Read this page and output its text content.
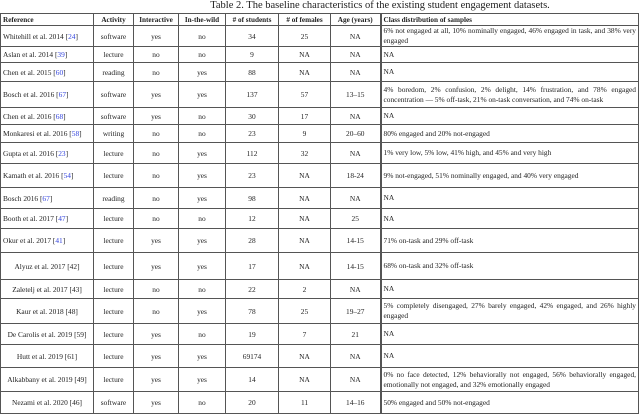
Table 2. The baseline characteristics of the existing student engagement datasets.
Reference	Activity	Interactive	In-the-wild	# of students	# of females	Age (years)	Class distribution of samples
Whitehill et al. 2014 [24]	software	yes	no	34	25	NA	6% not engaged at all, 10% nominally engaged, 46% engaged in task, and 38% very engaged
Aslan et al. 2014 [39]	lecture	no	no	9	NA	NA	NA
Chen et al. 2015 [60]	reading	no	yes	88	NA	NA	NA
Bosch et al. 2016 [67]	software	yes	yes	137	57	13–15	4% boredom, 2% confusion, 2% delight, 14% frustration, and 78% engaged concentration — 5% off-task, 21% on-task conversation, and 74% on-task
Chen et al. 2016 [68]	software	yes	no	30	17	NA	NA
Monkaresi et al. 2016 [58]	writing	no	no	23	9	20–60	80% engaged and 20% not-engaged
Gupta et al. 2016 [23]	lecture	no	yes	112	32	NA	1% very low, 5% low, 41% high, and 45% and very high
Kamath et al. 2016 [54]	lecture	no	yes	23	NA	18-24	9% not-engaged, 51% nominally engaged, and 40% very engaged
Bosch 2016 [67]	reading	no	yes	98	NA	NA	NA
Booth et al. 2017 [47]	lecture	no	no	12	NA	25	NA
Okur et al. 2017 [41]	lecture	yes	yes	28	NA	14-15	71% on-task and 29% off-task
Alyuz et al. 2017 [42]	lecture	yes	yes	17	NA	14-15	68% on-task and 32% off-task
Zaletelj et al. 2017 [43]	lecture	no	no	22	2	NA	NA
Kaur et al. 2018 [48]	lecture	no	yes	78	25	19–27	5% completely disengaged, 27% barely engaged, 42% engaged, and 26% highly engaged
De Carolis et al. 2019 [59]	lecture	yes	no	19	7	21	NA
Hutt et al. 2019 [61]	lecture	yes	yes	69174	NA	NA	NA
Alkabbany et al. 2019 [49]	lecture	yes	yes	14	NA	NA	0% no face detected, 12% behaviorally not engaged, 56% behaviorally engaged, emotionally not engaged, and 32% emotionally engaged
Nezami et al. 2020 [46]	software	yes	no	20	11	14–16	50% engaged and 50% not-engaged
